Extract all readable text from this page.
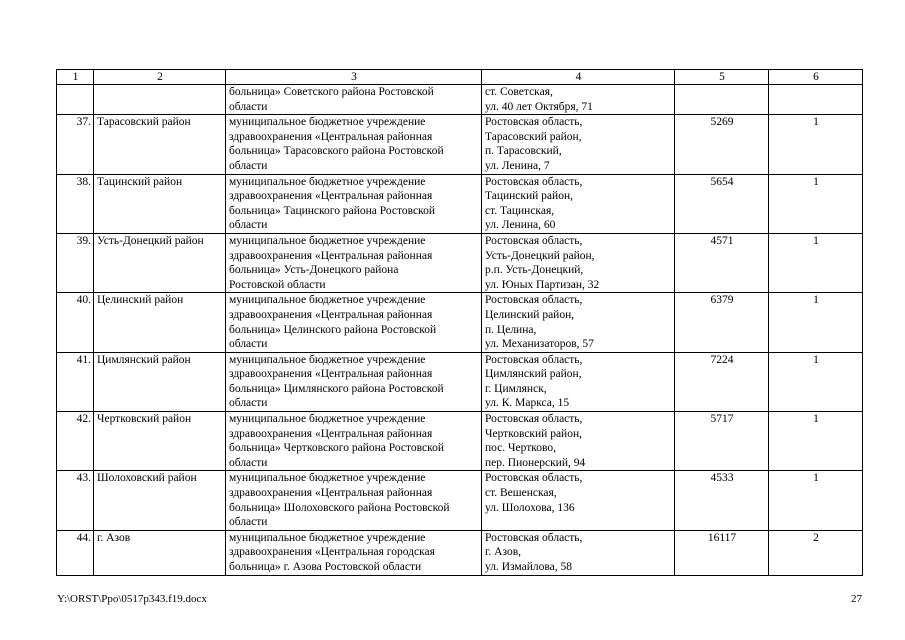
1	2	3	4	5	6

		больница» Советского района Ростовской
области	ст. Советская,
ул. 40 лет Октября, 71		

37.	Тарасовский район	муниципальное бюджетное учреждение
здравоохранения «Центральная районная
больница» Тарасовского района Ростовской
области	Ростовская область,
Тарасовский район,
п. Тарасовский,
ул. Ленина, 7	5269	1
38.	Тацинский район	муниципальное бюджетное учреждение
здравоохранения «Центральная районная
больница» Тацинского района Ростовской
области	Ростовская область,
Тацинский район,
ст. Тацинская,
ул. Ленина, 60	5654	1
39.	Усть-Донецкий район	муниципальное бюджетное учреждение
здравоохранения «Центральная районная
больница» Усть-Донецкого района
Ростовской области	Ростовская область,
Усть-Донецкий район,
р.п. Усть-Донецкий,
ул. Юных Партизан, 32	4571	1
40.	Целинский район	муниципальное бюджетное учреждение
здравоохранения «Центральная районная
больница» Целинского района Ростовской
области	Ростовская область,
Целинский район,
п. Целина,
ул. Механизаторов, 57	6379	1
41.	Цимлянский район	муниципальное бюджетное учреждение
здравоохранения «Центральная районная
больница» Цимлянского района Ростовской
области	Ростовская область,
Цимлянский район,
г. Цимлянск,
ул. К. Маркса, 15	7224	1
42.	Чертковский район	муниципальное бюджетное учреждение
здравоохранения «Центральная районная
больница» Чертковского района Ростовской
области	Ростовская область,
Чертковский район,
пос. Чертково,
пер. Пионерский, 94	5717	1
43.	Шолоховский район	муниципальное бюджетное учреждение
здравоохранения «Центральная районная
больница» Шолоховского района Ростовской
области	Ростовская область,
ст. Вешенская,
ул. Шолохова, 136	4533	1
44.	г. Азов	муниципальное бюджетное учреждение
здравоохранения «Центральная городская
больница» г. Азова Ростовской области	Ростовская область,
г. Азов,
ул. Измайлова, 58	16117	2
Y:\ORST\Ppo\0517p343.f19.docx	27
